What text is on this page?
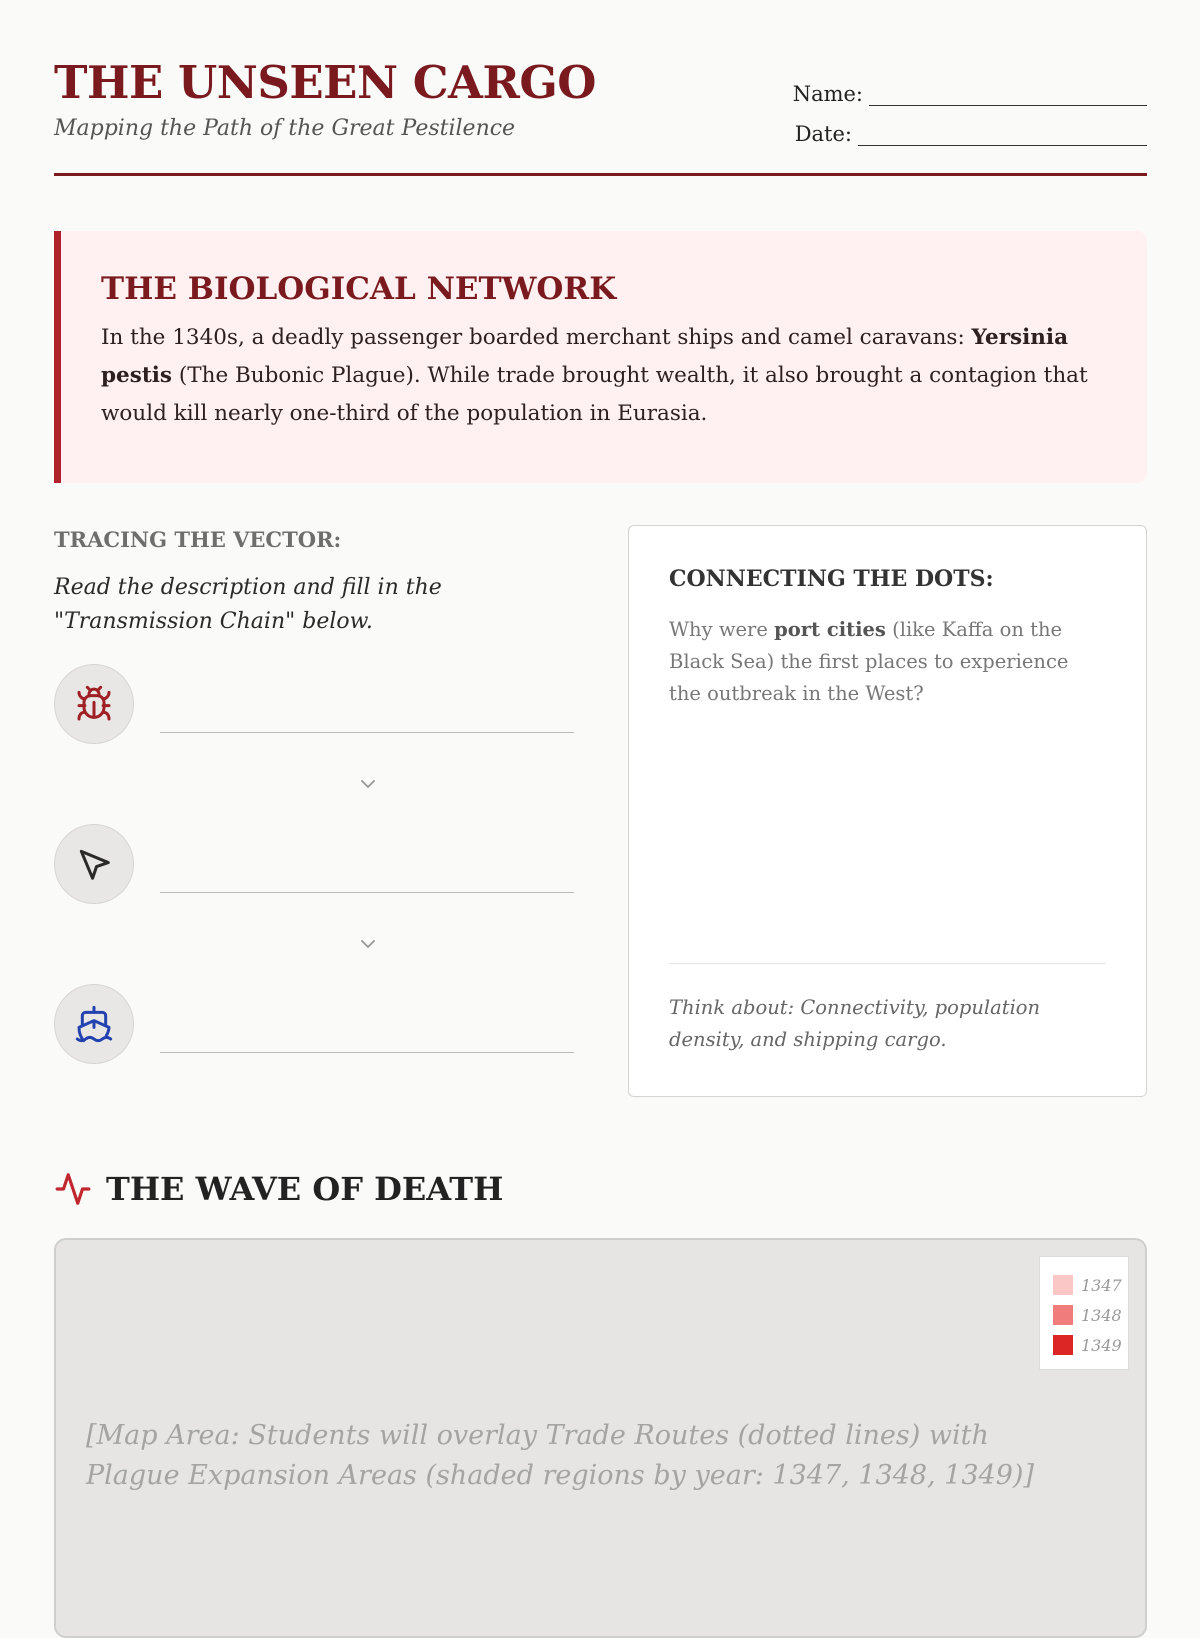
THE UNSEEN CARGO

Mapping the Path of the Great Pestilence

Name:
Date:
THE BIOLOGICAL NETWORK

In the 1340s, a deadly passenger boarded merchant ships and camel caravans: Yersinia pestis (The Bubonic Plague). While trade brought wealth, it also brought a contagion that would kill nearly one-third of the population in Eurasia.

TRACING THE VECTOR:

Read the description and fill in the "Transmission Chain" below.

CONNECTING THE DOTS:

Why were port cities (like Kaffa on the Black Sea) the first places to experience the outbreak in the West?

Think about: Connectivity, population density, and shipping cargo.

THE WAVE OF DEATH
1347
1348
1349

[Map Area: Students will overlay Trade Routes (dotted lines) with Plague Expansion Areas (shaded regions by year: 1347, 1348, 1349)]
